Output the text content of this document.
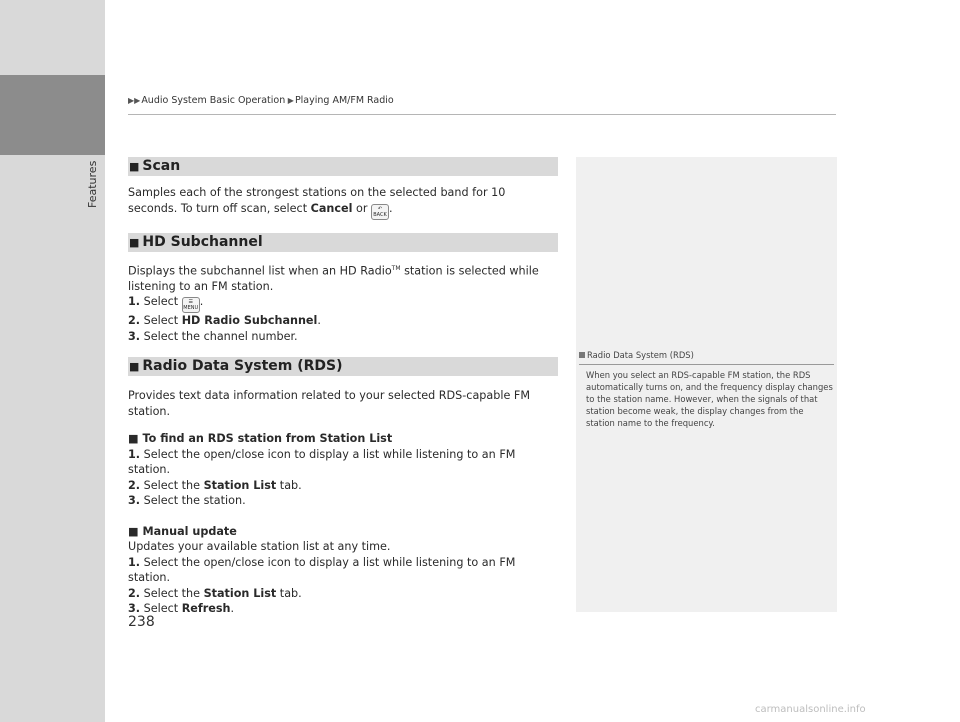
Features
▶▶Audio System Basic Operation ▶Playing AM/FM Radio
■ Scan

Samples each of the strongest stations on the selected band for 10 seconds. To turn off scan, select Cancel or ↶
BACK .

■ HD Subchannel

Displays the subchannel list when an HD Radio™ station is selected while listening to an FM station.

1. Select ☰
MENU .

2. Select HD Radio Subchannel.

3. Select the channel number.

■ Radio Data System (RDS)

Provides text data information related to your selected RDS-capable FM station.

■ To find an RDS station from Station List

1. Select the open/close icon to display a list while listening to an FM station.

2. Select the Station List tab.

3. Select the station.

■ Manual update

Updates your available station list at any time.

1. Select the open/close icon to display a list while listening to an FM station.

2. Select the Station List tab.

3. Select Refresh.

Radio Data System (RDS)
When you select an RDS-capable FM station, the RDS automatically turns on, and the frequency display changes to the station name. However, when the signals of that station become weak, the display changes from the station name to the frequency.
238
carmanualsonline.info
